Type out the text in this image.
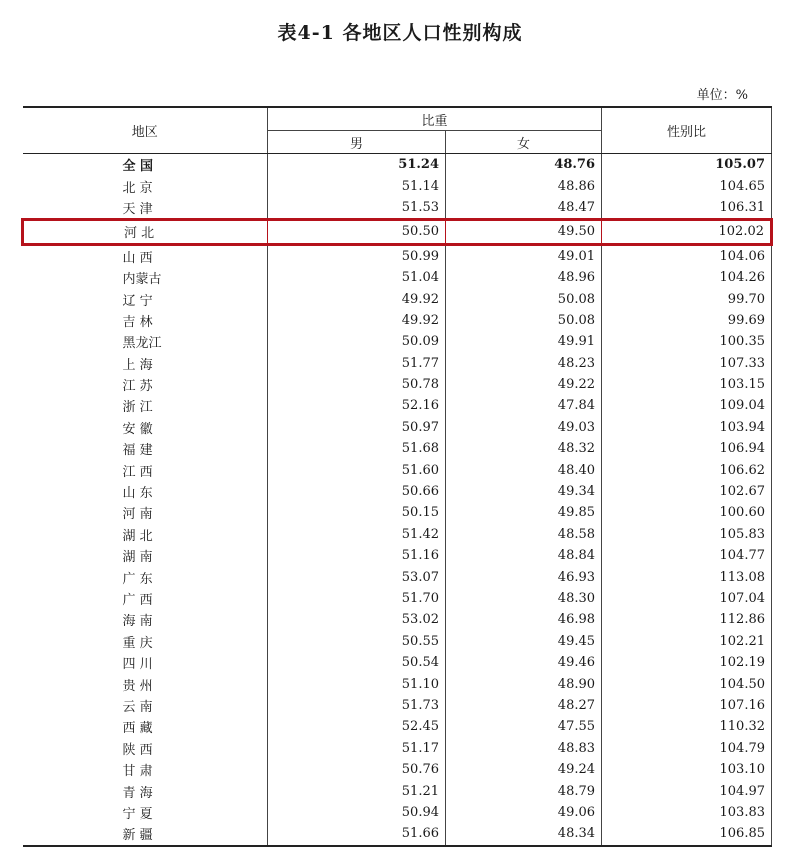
表4-1 各地区人口性别构成
单位：%
地区	比重		性别比
	男	女	
全 国	51.24	48.76	105.07
北 京	51.14	48.86	104.65
天 津	51.53	48.47	106.31
河 北	50.50	49.50	102.02
山 西	50.99	49.01	104.06
内蒙古	51.04	48.96	104.26
辽 宁	49.92	50.08	99.70
吉 林	49.92	50.08	99.69
黑龙江	50.09	49.91	100.35
上 海	51.77	48.23	107.33
江 苏	50.78	49.22	103.15
浙 江	52.16	47.84	109.04
安 徽	50.97	49.03	103.94
福 建	51.68	48.32	106.94
江 西	51.60	48.40	106.62
山 东	50.66	49.34	102.67
河 南	50.15	49.85	100.60
湖 北	51.42	48.58	105.83
湖 南	51.16	48.84	104.77
广 东	53.07	46.93	113.08
广 西	51.70	48.30	107.04
海 南	53.02	46.98	112.86
重 庆	50.55	49.45	102.21
四 川	50.54	49.46	102.19
贵 州	51.10	48.90	104.50
云 南	51.73	48.27	107.16
西 藏	52.45	47.55	110.32
陕 西	51.17	48.83	104.79
甘 肃	50.76	49.24	103.10
青 海	51.21	48.79	104.97
宁 夏	50.94	49.06	103.83
新 疆	51.66	48.34	106.85
